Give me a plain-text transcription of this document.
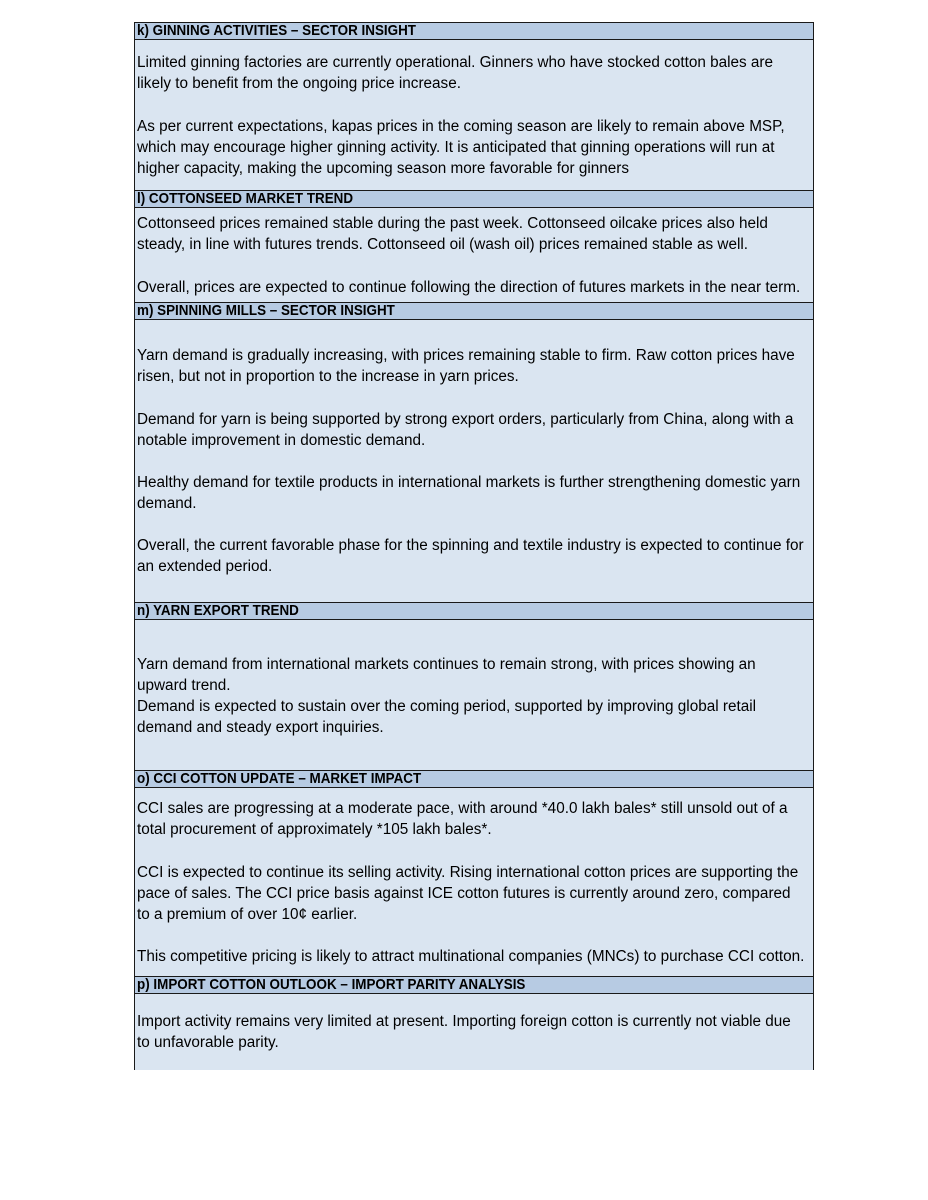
k) GINNING ACTIVITIES – SECTOR INSIGHT

Limited ginning factories are currently operational. Ginners who have stocked cotton bales are likely to benefit from the ongoing price increase.

As per current expectations, kapas prices in the coming season are likely to remain above MSP, which may encourage higher ginning activity. It is anticipated that ginning operations will run at higher capacity, making the upcoming season more favorable for ginners

l) COTTONSEED MARKET TREND

Cottonseed prices remained stable during the past week. Cottonseed oilcake prices also held steady, in line with futures trends. Cottonseed oil (wash oil) prices remained stable as well.

Overall, prices are expected to continue following the direction of futures markets in the near term.

m) SPINNING MILLS – SECTOR INSIGHT

Yarn demand is gradually increasing, with prices remaining stable to firm. Raw cotton prices have risen, but not in proportion to the increase in yarn prices.

Demand for yarn is being supported by strong export orders, particularly from China, along with a notable improvement in domestic demand.

Healthy demand for textile products in international markets is further strengthening domestic yarn demand.

Overall, the current favorable phase for the spinning and textile industry is expected to continue for an extended period.

n) YARN EXPORT TREND

Yarn demand from international markets continues to remain strong, with prices showing an upward trend.

Demand is expected to sustain over the coming period, supported by improving global retail demand and steady export inquiries.

o) CCI COTTON UPDATE – MARKET IMPACT

CCI sales are progressing at a moderate pace, with around *40.0 lakh bales* still unsold out of a total procurement of approximately *105 lakh bales*.

CCI is expected to continue its selling activity. Rising international cotton prices are supporting the pace of sales. The CCI price basis against ICE cotton futures is currently around zero, compared to a premium of over 10¢ earlier.

This competitive pricing is likely to attract multinational companies (MNCs) to purchase CCI cotton.

p) IMPORT COTTON OUTLOOK – IMPORT PARITY ANALYSIS

Import activity remains very limited at present. Importing foreign cotton is currently not viable due to unfavorable parity.
